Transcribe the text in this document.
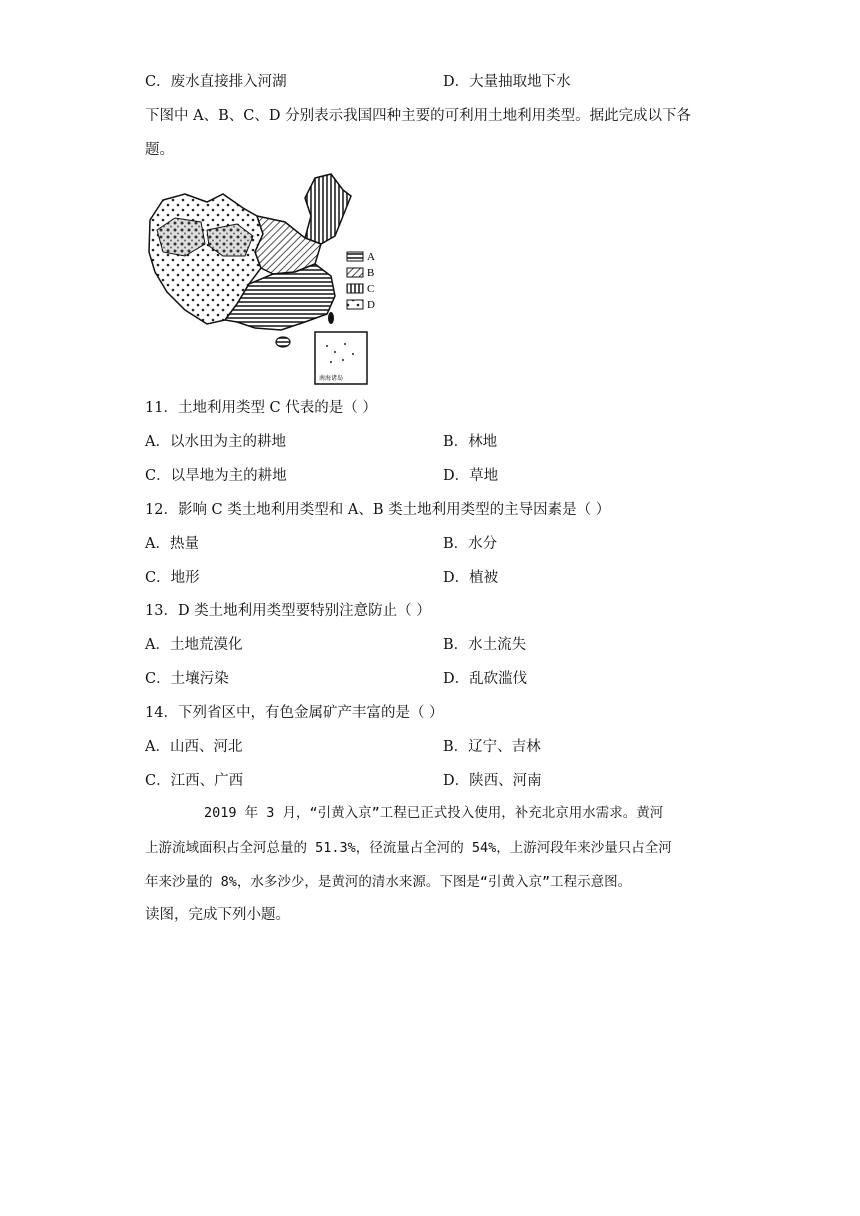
C．废水直接排入河湖	D．大量抽取地下水
下图中 A、B、C、D 分别表示我国四种主要的可利用土地利用类型。据此完成以下各
题。
A
B
C
D
南海诸岛
11．土地利用类型 C 代表的是（ ）
A．以水田为主的耕地	B．林地
C．以旱地为主的耕地	D．草地
12．影响 C 类土地利用类型和 A、B 类土地利用类型的主导因素是（ ）
A．热量	B．水分
C．地形	D．植被
13．D 类土地利用类型要特别注意防止（ ）
A．土地荒漠化	B．水土流失
C．土壤污染	D．乱砍滥伐
14．下列省区中，有色金属矿产丰富的是（ ）
A．山西、河北	B．辽宁、吉林
C．江西、广西	D．陕西、河南
2019 年 3 月，“引黄入京”工程已正式投入使用，补充北京用水需求。黄河
上游流域面积占全河总量的 51.3%，径流量占全河的 54%，上游河段年来沙量只占全河
年来沙量的 8%，水多沙少，是黄河的清水来源。下图是“引黄入京”工程示意图。
读图，完成下列小题。
